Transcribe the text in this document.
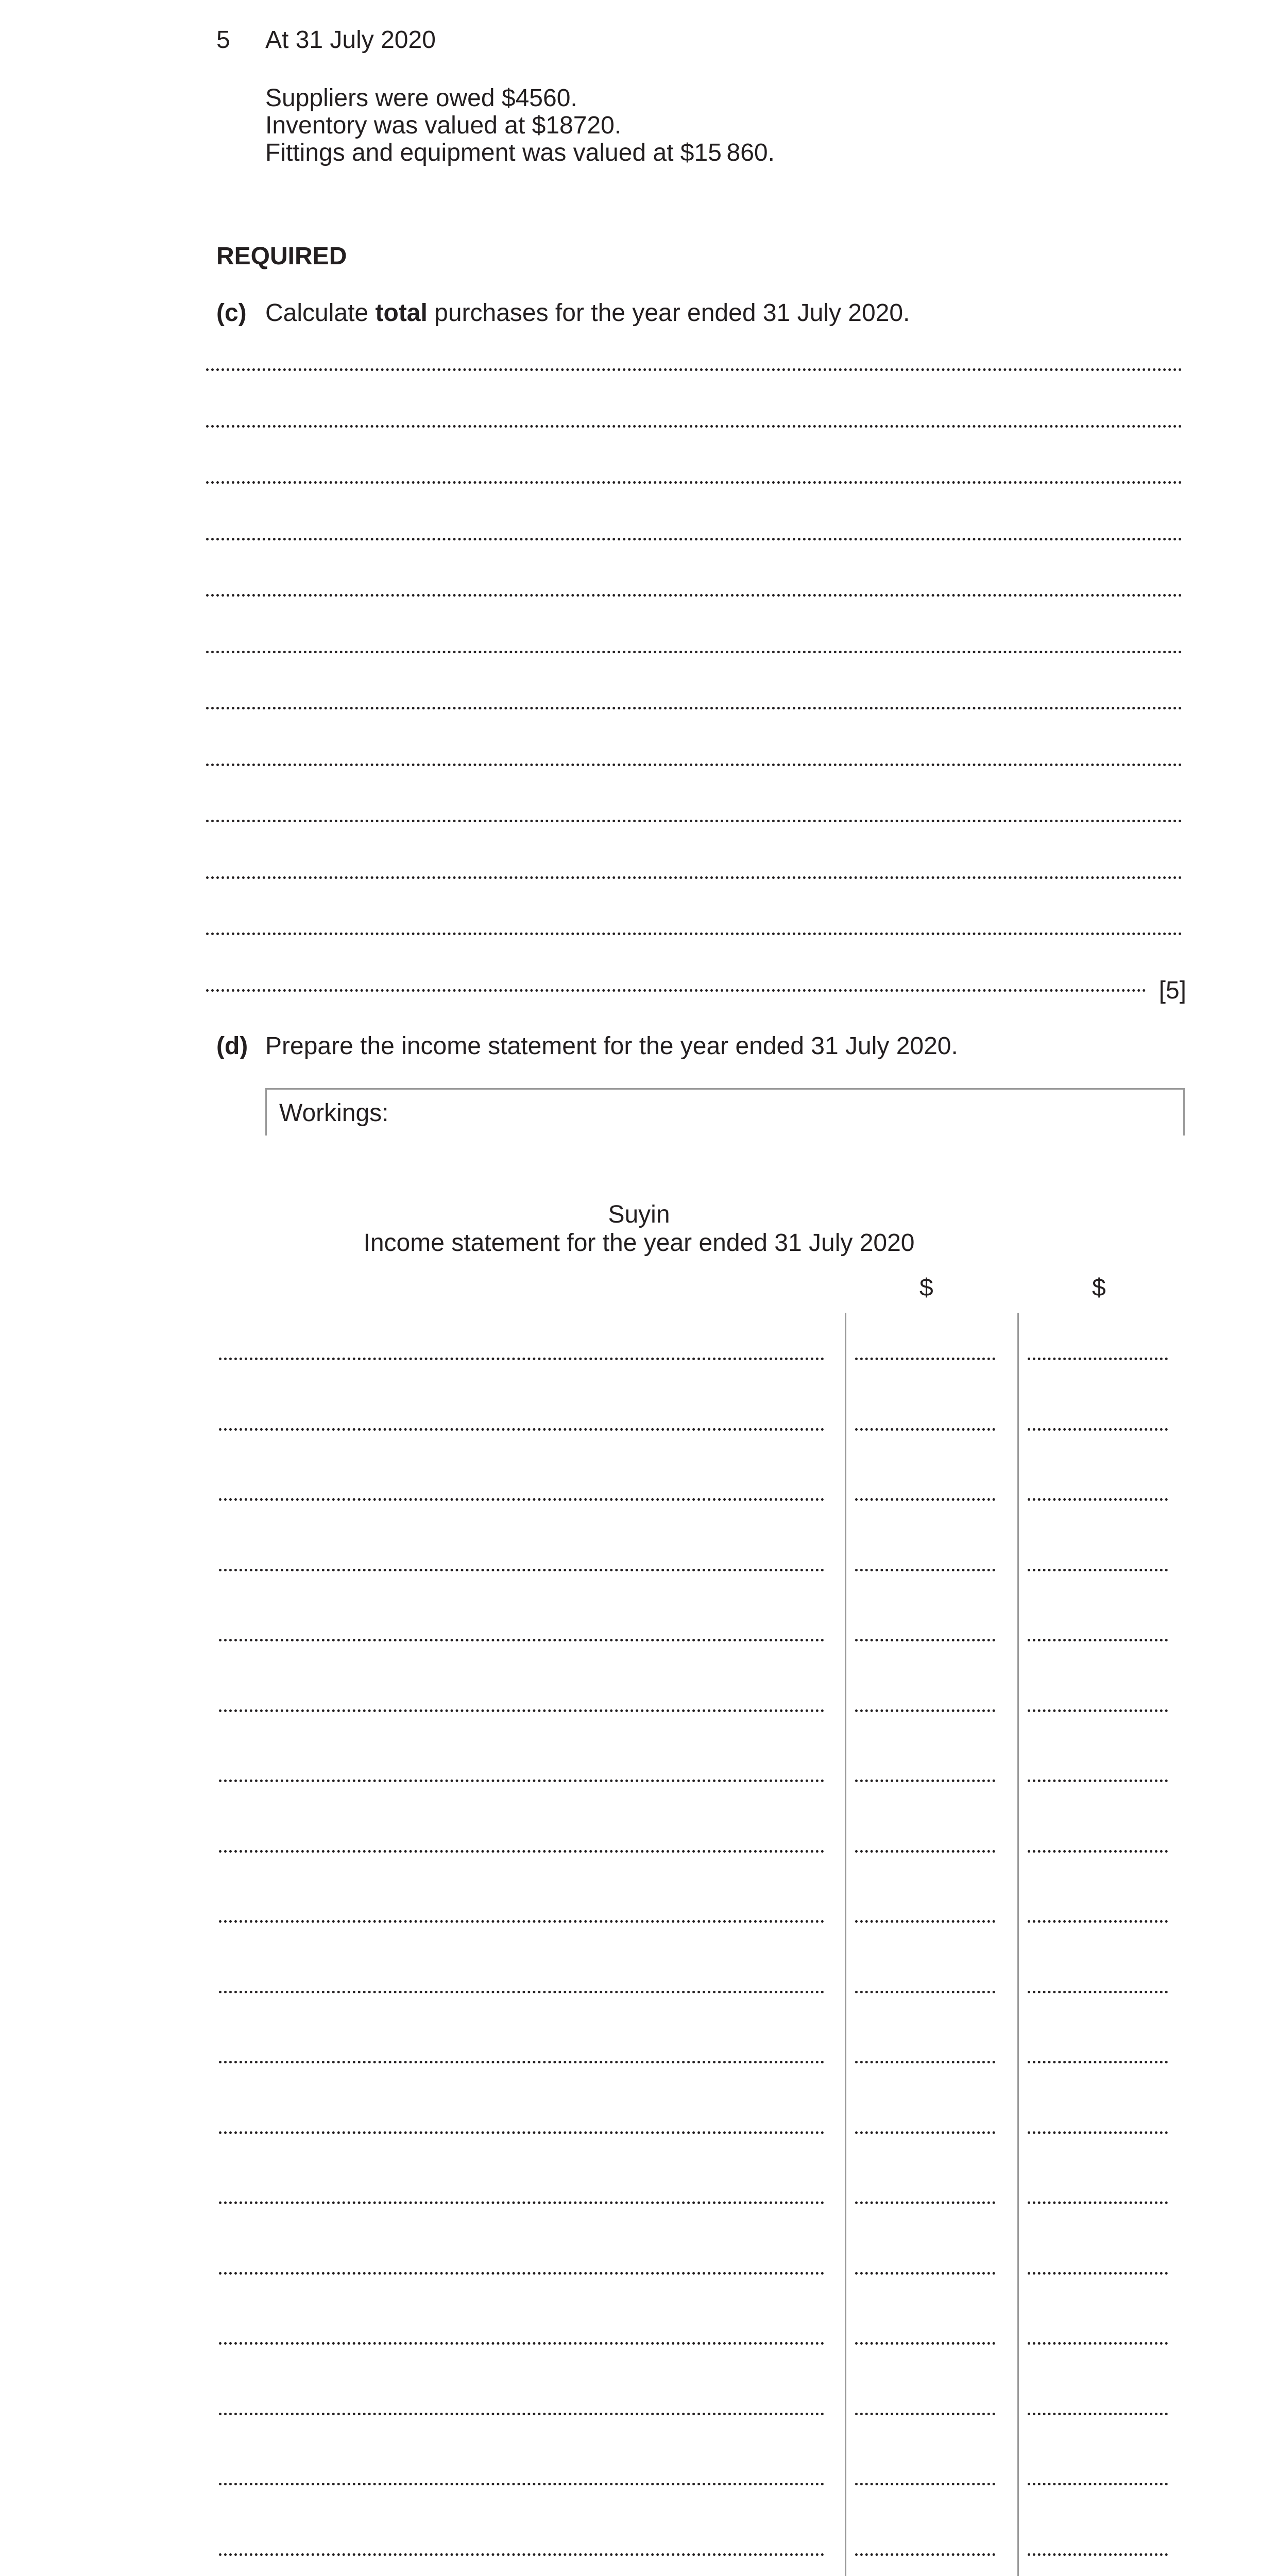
5 At 31 July 2020
Suppliers were owed $4560.
Inventory was valued at $18720.
Fittings and equipment was valued at $15 860.
REQUIRED
(c) Calculate total purchases for the year ended 31 July 2020.
[5]
(d) Prepare the income statement for the year ended 31 July 2020.
Workings:
Suyin
Income statement for the year ended 31 July 2020
$	$
